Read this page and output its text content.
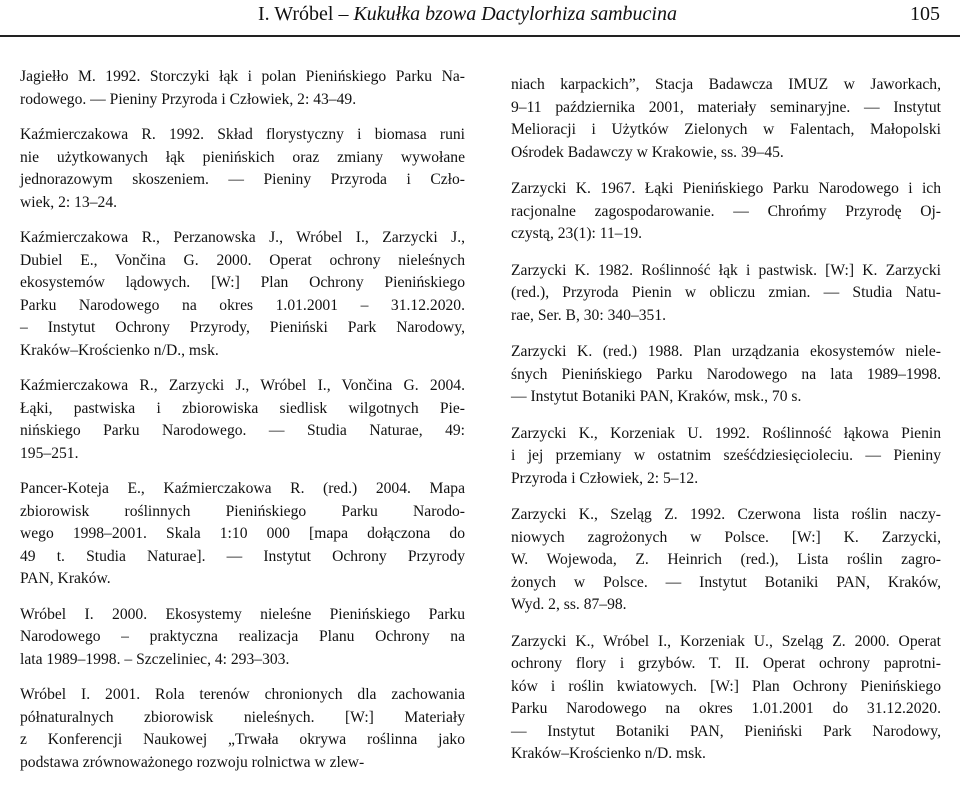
I. Wróbel – Kukułka bzowa Dactylorhiza sambucina	105
Jagiełło M. 1992. Storczyki łąk i polan Pienińskiego Parku Na-
rodowego. — Pieniny Przyroda i Człowiek, 2: 43–49.
Kaźmierczakowa R. 1992. Skład florystyczny i biomasa runi
nie użytkowanych łąk pienińskich oraz zmiany wywołane
jednorazowym skoszeniem. — Pieniny Przyroda i Czło-
wiek, 2: 13–24.
Kaźmierczakowa R., Perzanowska J., Wróbel I., Zarzycki J.,
Dubiel E., Vončina G. 2000. Operat ochrony nieleśnych
ekosystemów lądowych. [W:] Plan Ochrony Pienińskiego
Parku Narodowego na okres 1.01.2001 – 31.12.2020.
– Instytut Ochrony Przyrody, Pieniński Park Narodowy,
Kraków–Krościenko n/D., msk.
Kaźmierczakowa R., Zarzycki J., Wróbel I., Vončina G. 2004.
Łąki, pastwiska i zbiorowiska siedlisk wilgotnych Pie-
nińskiego Parku Narodowego. — Studia Naturae, 49:
195–251.
Pancer-Koteja E., Kaźmierczakowa R. (red.) 2004. Mapa
zbiorowisk roślinnych Pienińskiego Parku Narodo-
wego 1998–2001. Skala 1:10 000 [mapa dołączona do
49 t. Studia Naturae]. — Instytut Ochrony Przyrody
PAN, Kraków.
Wróbel I. 2000. Ekosystemy nieleśne Pienińskiego Parku
Narodowego – praktyczna realizacja Planu Ochrony na
lata 1989–1998. – Szczeliniec, 4: 293–303.
Wróbel I. 2001. Rola terenów chronionych dla zachowania
półnaturalnych zbiorowisk nieleśnych. [W:] Materiały
z Konferencji Naukowej „Trwała okrywa roślinna jako
podstawa zrównoważonego rozwoju rolnictwa w zlew-
niach karpackich”, Stacja Badawcza IMUZ w Jaworkach,
9–11 października 2001, materiały seminaryjne. — Instytut
Melioracji i Użytków Zielonych w Falentach, Małopolski
Ośrodek Badawczy w Krakowie, ss. 39–45.
Zarzycki K. 1967. Łąki Pienińskiego Parku Narodowego i ich
racjonalne zagospodarowanie. — Chrońmy Przyrodę Oj-
czystą, 23(1): 11–19.
Zarzycki K. 1982. Roślinność łąk i pastwisk. [W:] K. Zarzycki
(red.), Przyroda Pienin w obliczu zmian. — Studia Natu-
rae, Ser. B, 30: 340–351.
Zarzycki K. (red.) 1988. Plan urządzania ekosystemów niele-
śnych Pienińskiego Parku Narodowego na lata 1989–1998.
— Instytut Botaniki PAN, Kraków, msk., 70 s.
Zarzycki K., Korzeniak U. 1992. Roślinność łąkowa Pienin
i jej przemiany w ostatnim sześćdziesięcioleciu. — Pieniny
Przyroda i Człowiek, 2: 5–12.
Zarzycki K., Szeląg Z. 1992. Czerwona lista roślin naczy-
niowych zagrożonych w Polsce. [W:] K. Zarzycki,
W. Wojewoda, Z. Heinrich (red.), Lista roślin zagro-
żonych w Polsce. — Instytut Botaniki PAN, Kraków,
Wyd. 2, ss. 87–98.
Zarzycki K., Wróbel I., Korzeniak U., Szeląg Z. 2000. Operat
ochrony flory i grzybów. T. II. Operat ochrony paprotni-
ków i roślin kwiatowych. [W:] Plan Ochrony Pienińskiego
Parku Narodowego na okres 1.01.2001 do 31.12.2020.
— Instytut Botaniki PAN, Pieniński Park Narodowy,
Kraków–Krościenko n/D. msk.
